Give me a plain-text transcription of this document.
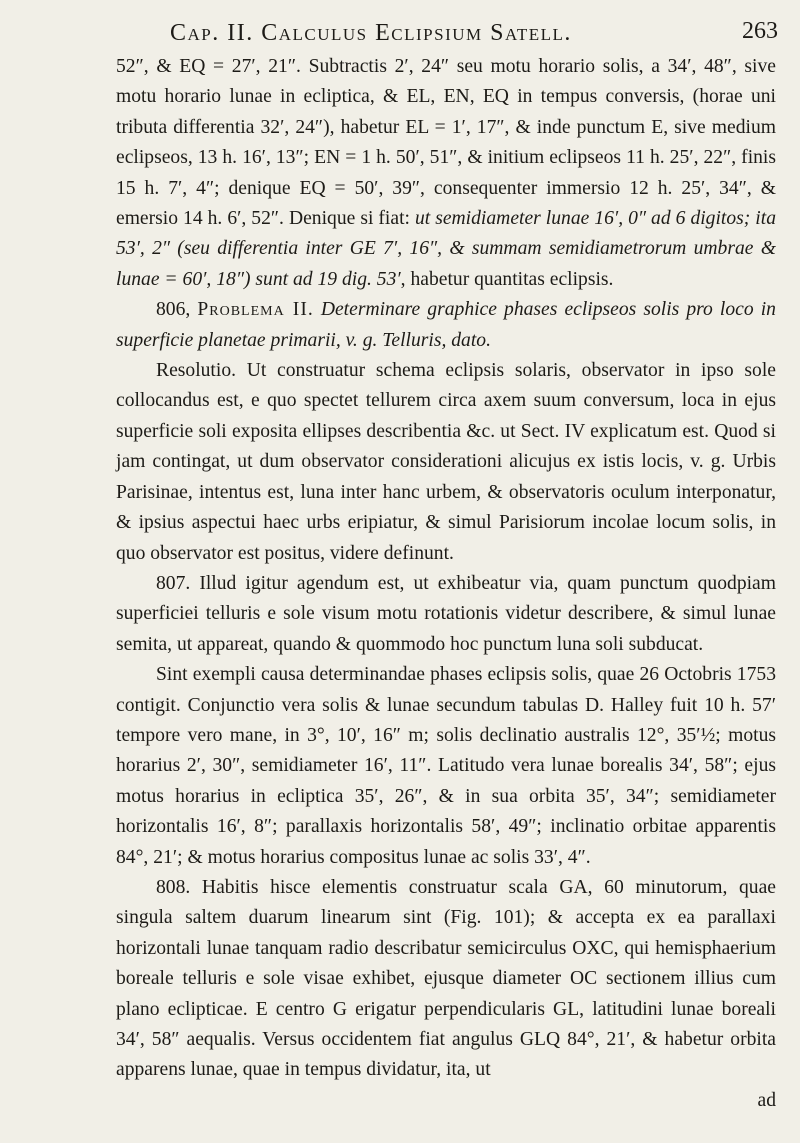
Cap. II. Calculus Eclipsium Satell.	263

52″, & EQ = 27′, 21″. Subtractis 2′, 24″ seu motu horario solis, a 34′, 48″, sive motu horario lunae in ecliptica, & EL, EN, EQ in tempus conversis, (horae uni tributa differentia 32′, 24″), habetur EL = 1′, 17″, & inde punctum E, sive medium eclipseos, 13 h. 16′, 13″; EN = 1 h. 50′, 51″, & initium eclipseos 11 h. 25′, 22″, finis 15 h. 7′, 4″; denique EQ = 50′, 39″, consequenter immersio 12 h. 25′, 34″, & emersio 14 h. 6′, 52″. Denique si fiat: ut semidiameter lunae 16′, 0″ ad 6 digitos; ita 53′, 2″ (seu differentia inter GE 7′, 16″, & summam semidiametrorum umbrae & lunae = 60′, 18″) sunt ad 19 dig. 53′, habetur quantitas eclipsis.

806, Problema II. Determinare graphice phases eclipseos solis pro loco in superficie planetae primarii, v. g. Telluris, dato.

Resolutio. Ut construatur schema eclipsis solaris, observator in ipso sole collocandus est, e quo spectet tellurem circa axem suum conversum, loca in ejus superficie soli exposita ellipses describentia &c. ut Sect. IV explicatum est. Quod si jam contingat, ut dum observator considerationi alicujus ex istis locis, v. g. Urbis Parisinae, intentus est, luna inter hanc urbem, & observatoris oculum interponatur, & ipsius aspectui haec urbs eripiatur, & simul Parisiorum incolae locum solis, in quo observator est positus, videre definunt.

807. Illud igitur agendum est, ut exhibeatur via, quam punctum quodpiam superficiei telluris e sole visum motu rotationis videtur describere, & simul lunae semita, ut appareat, quando & quommodo hoc punctum luna soli subducat.

Sint exempli causa determinandae phases eclipsis solis, quae 26 Octobris 1753 contigit. Conjunctio vera solis & lunae secundum tabulas D. Halley fuit 10 h. 57′ tempore vero mane, in 3°, 10′, 16″ m; solis declinatio australis 12°, 35′½; motus horarius 2′, 30″, semidiameter 16′, 11″. Latitudo vera lunae borealis 34′, 58″; ejus motus horarius in ecliptica 35′, 26″, & in sua orbita 35′, 34″; semidiameter horizontalis 16′, 8″; parallaxis horizontalis 58′, 49″; inclinatio orbitae apparentis 84°, 21′; & motus horarius compositus lunae ac solis 33′, 4″.

808. Habitis hisce elementis construatur scala GA, 60 minutorum, quae singula saltem duarum linearum sint (Fig. 101); & accepta ex ea parallaxi horizontali lunae tanquam radio describatur semicirculus OXC, qui hemisphaerium boreale telluris e sole visae exhibet, ejusque diameter OC sectionem illius cum plano eclipticae. E centro G erigatur perpendicularis GL, latitudini lunae boreali 34′, 58″ aequalis. Versus occidentem fiat angulus GLQ 84°, 21′, & habetur orbita apparens lunae, quae in tempus dividatur, ita, ut

ad
